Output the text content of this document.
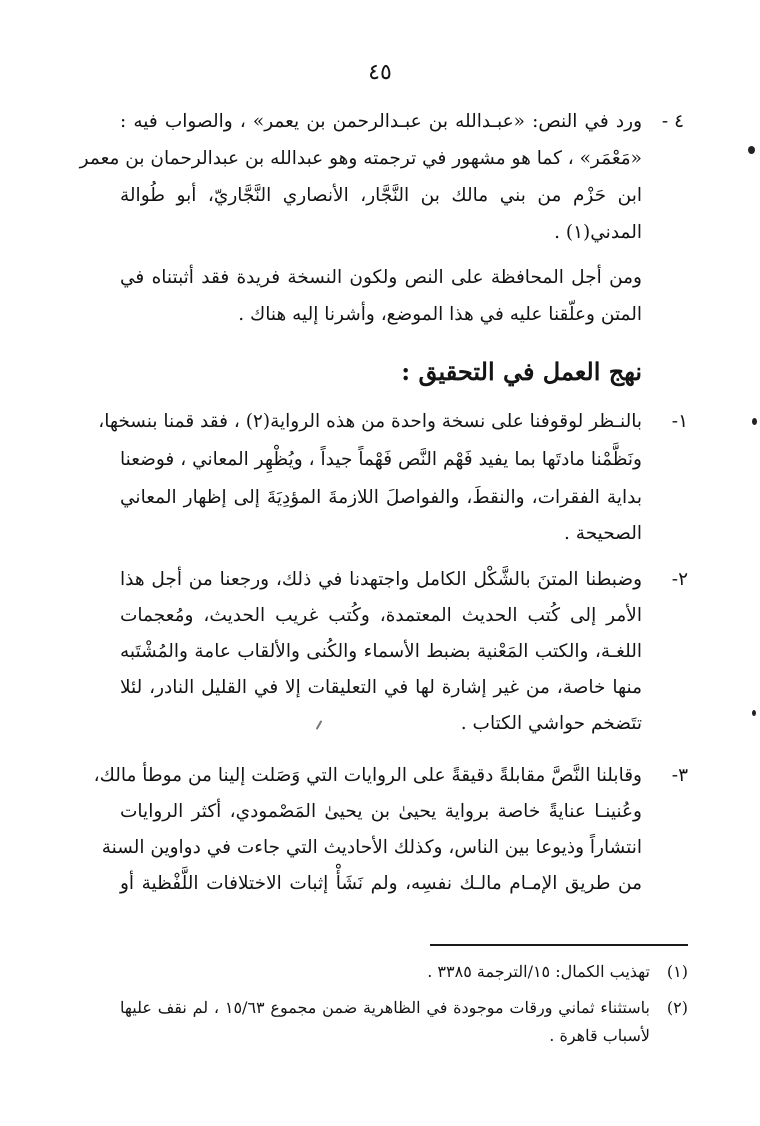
٤٥
٤ -
ورد في النص: «عبـدالله بن عبـدالرحمن بن يعمر» ، والصواب فيه :
«مَعْمَر» ، كما هو مشهور في ترجمته وهو عبدالله بن عبدالرحمان بن معمر
ابن حَزْم من بني مالك بن النَّجَّار، الأنصاري النَّجَّاريّ، أبو طُوالة
المدني(١) .
ومن أجل المحافظة على النص ولكون النسخة فريدة فقد أثبتناه في
المتن وعلّقنا عليه في هذا الموضع، وأشرنا إليه هناك .
نهج العمل في التحقيق :
١-
بالنـظر لوقوفنا على نسخة واحدة من هذه الرواية(٢) ، فقد قمنا بنسخها،
ونَظَّمْنا مادتَها بما يفيد فَهْم النَّص فَهْماً جيداً ، ويُظْهِر المعاني ، فوضعنا
بداية الفقرات، والنقطَ، والفواصلَ اللازمةَ المؤدِيَةَ إلى إظهار المعاني
الصحيحة .
٢-
وضبطنا المتنَ بالشَّكْل الكامل واجتهدنا في ذلك، ورجعنا من أجل هذا
الأمر إلى كُتب الحديث المعتمدة، وكُتب غريب الحديث، ومُعجمات
اللغـة، والكتب المَعْنية بضبط الأسماء والكُنى والألقاب عامة والمُشْتَبه
منها خاصة، من غير إشارة لها في التعليقات إلا في القليل النادر، لئلا
تتَضخم حواشي الكتاب .
٣-
وقابلنا النَّصَّ مقابلةً دقيقةً على الروايات التي وَصَلت إلينا من موطأ مالك،
وعُنينـا عنايةً خاصة برواية يحيىٰ بن يحيىٰ المَصْمودي، أكثر الروايات
انتشاراً وذيوعا بين الناس، وكذلك الأحاديث التي جاءت في دواوين السنة
من طريق الإمـام مالـك نفسِه، ولم نَشَأْ إثبات الاختلافات اللَّفْظية أو
(١)
تهذيب الكمال: ١٥/الترجمة ٣٣٨٥ .
(٢)
باستثناء ثماني ورقات موجودة في الظاهرية ضمن مجموع ١٥/٦٣ ، لم نقف عليها
لأسباب قاهرة .
